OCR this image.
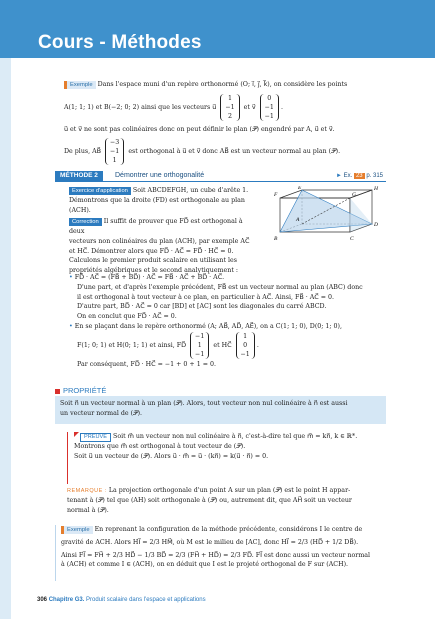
Cours - Méthodes

Exemple Dans l'espace muni d'un repère orthonormé (O; i⃗, j⃗, k⃗), on considère les points

A(1; 1; 1) et B(−2; 0; 2) ainsi que les vecteurs u⃗ 1
−1
2 et v⃗ 0
−1
−1.

u⃗ et v⃗ ne sont pas colinéaires donc on peut définir le plan (𝒫) engendré par A, u⃗ et v⃗.

De plus, AB⃗ −3
−1
1 est orthogonal à u⃗ et v⃗ donc AB⃗ est un vecteur normal au plan (𝒫).

MÉTHODE 2	Démontrer une orthogonalité	► Ex. 23 p. 315

Exercice d'application Soit ABCDEFGH, un cube d'arête 1.

Démontrons que la droite (FD) est orthogonale au plan

(ACH).

Correction Il suffit de prouver que FD⃗ est orthogonal à deux

vecteurs non colinéaires du plan (ACH), par exemple AC⃗

et HC⃗. Démontrer alors que FD⃗ · AC⃗ = FD⃗ · HC⃗ = 0.

Calculons le premier produit scalaire en utilisant les

propriétés algébriques et le second analytiquement :

• FD⃗ · AC⃗ = (FB⃗ + BD⃗) · AC⃗ = FB⃗ · AC⃗ + BD⃗ · AC⃗.

D'une part, et d'après l'exemple précédent, FB⃗ est un vecteur normal au plan (ABC) donc

il est orthogonal à tout vecteur à ce plan, en particulier à AC⃗. Ainsi, FB⃗ · AC⃗ = 0.

D'autre part, BD⃗ · AC⃗ = 0 car [BD] et [AC] sont les diagonales du carré ABCD.

On en conclut que FD⃗ · AC⃗ = 0.

• En se plaçant dans le repère orthonormé (A; AB⃗, AD⃗, AE⃗), on a C(1; 1; 0), D(0; 1; 0),

F(1; 0; 1) et H(0; 1; 1) et ainsi, FD⃗ −1
1
−1 et HC⃗ 1
0
−1.

Par conséquent, FD⃗ · HC⃗ = −1 + 0 + 1 = 0.

F
E	H
G
A
D
B	C
PROPRIÉTÉ

Soit n⃗ un vecteur normal à un plan (𝒫). Alors, tout vecteur non nul colinéaire à n⃗ est aussi

un vecteur normal de (𝒫).

PREUVE Soit m⃗ un vecteur non nul colinéaire à n⃗, c'est-à-dire tel que m⃗ = kn⃗, k ∈ ℝ*.

Montrons que m⃗ est orthogonal à tout vecteur de (𝒫).

Soit u⃗ un vecteur de (𝒫). Alors u⃗ · m⃗ = u⃗ · (kn⃗) = k(u⃗ · n⃗) = 0.

REMARQUE : La projection orthogonale d'un point A sur un plan (𝒫) est le point H appar-

tenant à (𝒫) tel que (AH) soit orthogonale à (𝒫) ou, autrement dit, que AH⃗ soit un vecteur

normal à (𝒫).

Exemple En reprenant la configuration de la méthode précédente, considérons I le centre de

gravité de ACH. Alors HI⃗ = 2/3 HM⃗, où M est le milieu de [AC], donc HI⃗ = 2/3 (HD⃗ + 1/2 DB⃗).

Ainsi FI⃗ = FH⃗ + 2/3 HD⃗ − 1/3 BD⃗ = 2/3 (FH⃗ + HD⃗) = 2/3 FD⃗. FI⃗ est donc aussi un vecteur normal

à (ACH) et comme I ∈ (ACH), on en déduit que I est le projeté orthogonal de F sur (ACH).

306 Chapitre G3. Produit scalaire dans l'espace et applications
